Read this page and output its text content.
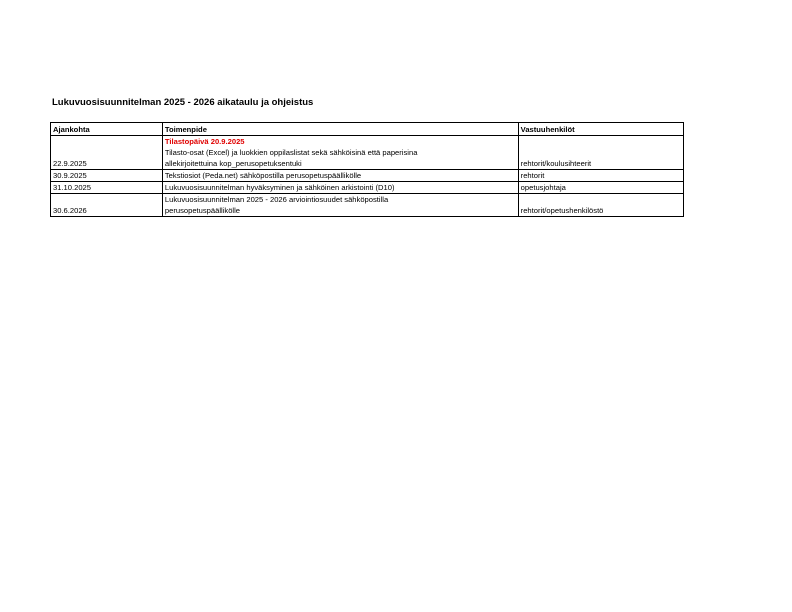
Lukuvuosisuunnitelman 2025 - 2026 aikataulu ja ohjeistus
Ajankohta	Toimenpide	Vastuuhenkilöt
22.9.2025	Tilastopäivä 20.9.2025
Tilasto-osat (Excel) ja luokkien oppilaslistat sekä sähköisinä että paperisina
allekirjoitettuina kop_perusopetuksentuki	rehtorit/koulusihteerit
30.9.2025	Tekstiosiot (Peda.net) sähköpostilla perusopetuspäällikölle	rehtorit
31.10.2025	Lukuvuosisuunnitelman hyväksyminen ja sähköinen arkistointi (D10)	opetusjohtaja
30.6.2026	Lukuvuosisuunnitelman 2025 - 2026 arviointiosuudet sähköpostilla
perusopetuspäällikölle	rehtorit/opetushenkilöstö
